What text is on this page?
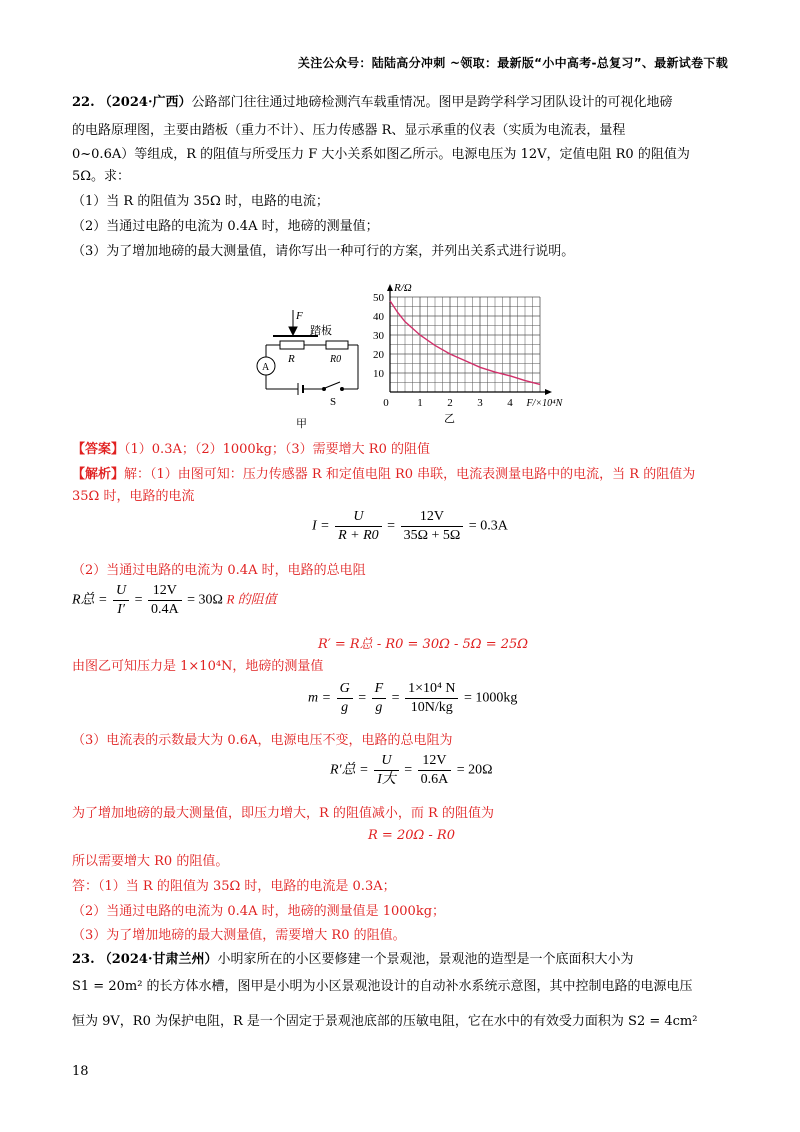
关注公众号：陆陆高分冲刺 ~领取：最新版“小中高考-总复习”、最新试卷下载
22. （2024·广西）公路部门往往通过地磅检测汽车载重情况。图甲是跨学科学习团队设计的可视化地磅
的电路原理图，主要由踏板（重力不计）、压力传感器 R、显示承重的仪表（实质为电流表，量程
0~0.6A）等组成，R 的阻值与所受压力 F 大小关系如图乙所示。电源电压为 12V，定值电阻 R0 的阻值为
5Ω。求：
（1）当 R 的阻值为 35Ω 时，电路的电流；
（2）当通过电路的电流为 0.4A 时，地磅的测量值；
（3）为了增加地磅的最大测量值，请你写出一种可行的方案，并列出关系式进行说明。
F
踏板
R	R0
A
S
甲
10
20
30
40
50
0	1 2 3 4
R/Ω
F/×10⁴N
乙
【答案】（1）0.3A；（2）1000kg；（3）需要增大 R0 的阻值
【解析】解：（1）由图可知：压力传感器 R 和定值电阻 R0 串联，电流表测量电路中的电流，当 R 的阻值为
35Ω 时，电路的电流
$I = \frac{U}{R + R0} = \frac{12V}{35\Omega + 5\Omega} = 0.3A$
（2）当通过电路的电流为 0.4A 时，电路的总电阻
R总 = $\frac{U}{I'} = \frac{12V}{0.4A} = 30\Omega$ R 的阻值
R′ = R总 - R0 = 30Ω - 5Ω = 25Ω
由图乙可知压力是 1×10⁴N，地磅的测量值
$m = \frac{G}{g} = \frac{F}{g} = \frac{\text{1×10⁴ N}}{10N/kg} = 1000kg$
（3）电流表的示数最大为 0.6A，电源电压不变，电路的总电阻为
R′总 = $\frac{U}{\text{I大}} = \frac{12V}{0.6A} = 20\Omega$
为了增加地磅的最大测量值，即压力增大，R 的阻值减小，而 R 的阻值为
R = 20Ω - R0
所以需要增大 R0 的阻值。
答：（1）当 R 的阻值为 35Ω 时，电路的电流是 0.3A；
（2）当通过电路的电流为 0.4A 时，地磅的测量值是 1000kg；
（3）为了增加地磅的最大测量值，需要增大 R0 的阻值。
23. （2024·甘肃兰州）小明家所在的小区要修建一个景观池，景观池的造型是一个底面积大小为
S1 = 20m² 的长方体水槽，图甲是小明为小区景观池设计的自动补水系统示意图，其中控制电路的电源电压
恒为 9V，R0 为保护电阻，R 是一个固定于景观池底部的压敏电阻，它在水中的有效受力面积为 S2 = 4cm²
18
